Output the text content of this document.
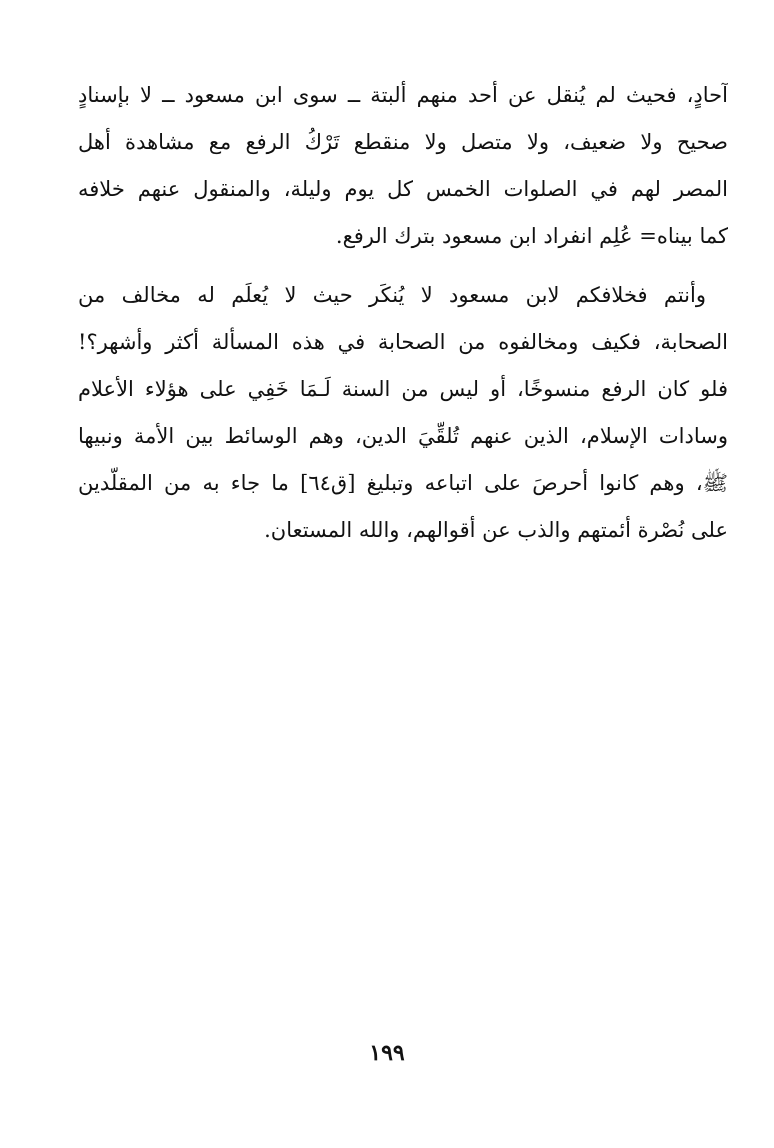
آحادٍ، فحيث لم يُنقل عن أحد منهم ألبتة ــ سوى ابن مسعود ــ لا بإسنادٍ
صحيح ولا ضعيف، ولا متصل ولا منقطع تَرْكُ الرفع مع مشاهدة أهل
المصر لهم في الصلوات الخمس كل يوم وليلة، والمنقول عنهم خلافه
كما بيناه= عُلِم انفراد ابن مسعود بترك الرفع.
وأنتم فخلافكم لابن مسعود لا يُنكَر حيث لا يُعلَم له مخالف من
الصحابة، فكيف ومخالفوه من الصحابة في هذه المسألة أكثر وأشهر؟!
فلو كان الرفع منسوخًا، أو ليس من السنة لَـمَا خَفِي على هؤلاء الأعلام
وسادات الإسلام، الذين عنهم تُلقِّيَ الدين، وهم الوسائط بين الأمة ونبيها
ﷺ، وهم كانوا أحرصَ على اتباعه وتبليغ [ق٦٤] ما جاء به من المقلّدين
على نُصْرة أئمتهم والذب عن أقوالهم، والله المستعان.
١٩٩
